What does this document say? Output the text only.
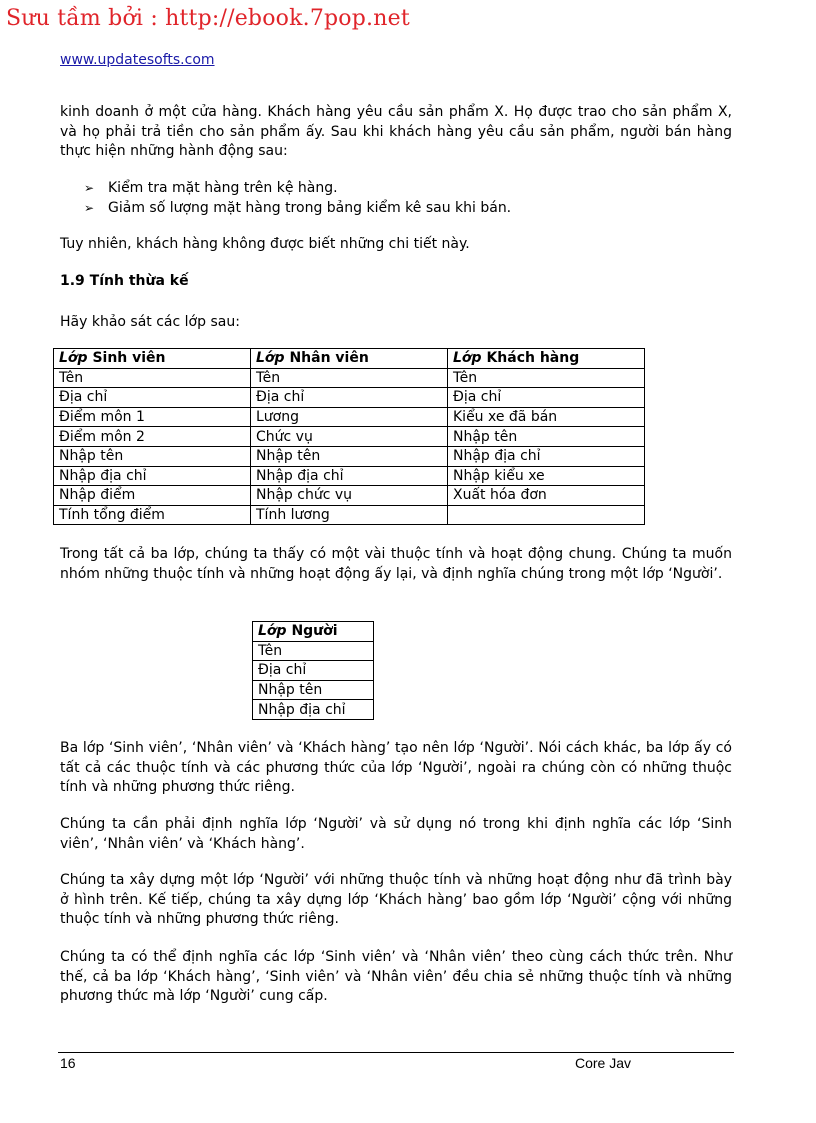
Sưu tầm bởi : http://ebook.7pop.net
www.updatesofts.com

kinh doanh ở một cửa hàng. Khách hàng yêu cầu sản phẩm X. Họ được trao cho sản phẩm X, và họ phải trả tiền cho sản phẩm ấy. Sau khi khách hàng yêu cầu sản phẩm, người bán hàng thực hiện những hành động sau:

➢ Kiểm tra mặt hàng trên kệ hàng.
➢ Giảm số lượng mặt hàng trong bảng kiểm kê sau khi bán.

Tuy nhiên, khách hàng không được biết những chi tiết này.

1.9 Tính thừa kế

Hãy khảo sát các lớp sau:

Lớp Sinh viên	Lớp Nhân viên	Lớp Khách hàng
Tên	Tên	Tên
Địa chỉ	Địa chỉ	Địa chỉ
Điểm môn 1	Lương	Kiểu xe đã bán
Điểm môn 2	Chức vụ	Nhập tên
Nhập tên	Nhập tên	Nhập địa chỉ
Nhập địa chỉ	Nhập địa chỉ	Nhập kiểu xe
Nhập điểm	Nhập chức vụ	Xuất hóa đơn
Tính tổng điểm	Tính lương	

Trong tất cả ba lớp, chúng ta thấy có một vài thuộc tính và hoạt động chung. Chúng ta muốn nhóm những thuộc tính và những hoạt động ấy lại, và định nghĩa chúng trong một lớp ‘Người’.

Lớp Người
Tên
Địa chỉ
Nhập tên
Nhập địa chỉ

Ba lớp ‘Sinh viên’, ‘Nhân viên’ và ‘Khách hàng’ tạo nên lớp ‘Người’. Nói cách khác, ba lớp ấy có tất cả các thuộc tính và các phương thức của lớp ‘Người’, ngoài ra chúng còn có những thuộc tính và những phương thức riêng.

Chúng ta cần phải định nghĩa lớp ‘Người’ và sử dụng nó trong khi định nghĩa các lớp ‘Sinh viên’, ‘Nhân viên’ và ‘Khách hàng’.

Chúng ta xây dựng một lớp ‘Người’ với những thuộc tính và những hoạt động như đã trình bày ở hình trên. Kế tiếp, chúng ta xây dựng lớp ‘Khách hàng’ bao gồm lớp ‘Người’ cộng với những thuộc tính và những phương thức riêng.

Chúng ta có thể định nghĩa các lớp ‘Sinh viên’ và ‘Nhân viên’ theo cùng cách thức trên. Như thế, cả ba lớp ‘Khách hàng’, ‘Sinh viên’ và ‘Nhân viên’ đều chia sẻ những thuộc tính và những phương thức mà lớp ‘Người’ cung cấp.

16	Core Jav
